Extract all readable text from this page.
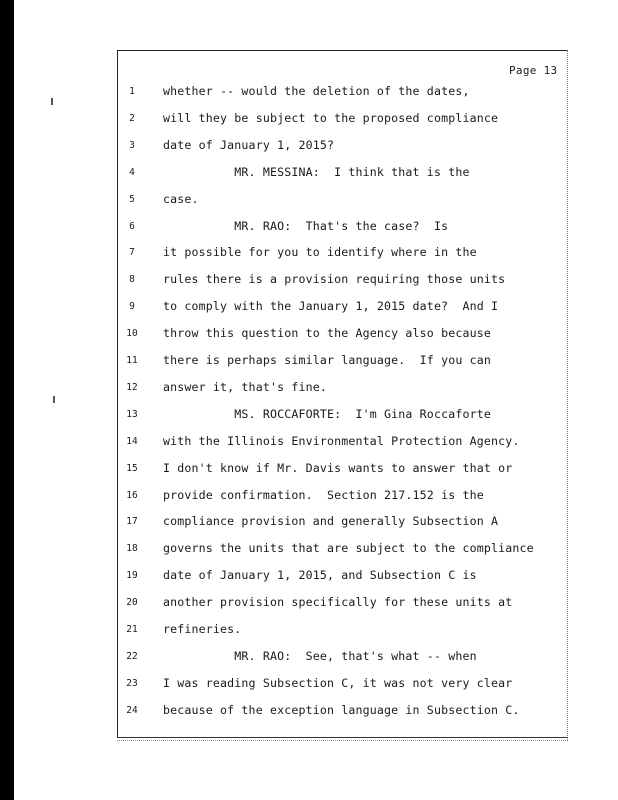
Page 13
1	whether -- would the deletion of the dates,
2	will they be subject to the proposed compliance
3	date of January 1, 2015?
4	MR. MESSINA:  I think that is the
5	case.
6	MR. RAO:  That's the case?  Is
7	it possible for you to identify where in the
8	rules there is a provision requiring those units
9	to comply with the January 1, 2015 date?  And I
10	throw this question to the Agency also because
11	there is perhaps similar language.  If you can
12	answer it, that's fine.
13	MS. ROCCAFORTE:  I'm Gina Roccaforte
14	with the Illinois Environmental Protection Agency.
15	I don't know if Mr. Davis wants to answer that or
16	provide confirmation.  Section 217.152 is the
17	compliance provision and generally Subsection A
18	governs the units that are subject to the compliance
19	date of January 1, 2015, and Subsection C is
20	another provision specifically for these units at
21	refineries.
22	MR. RAO:  See, that's what -- when
23	I was reading Subsection C, it was not very clear
24	because of the exception language in Subsection C.
